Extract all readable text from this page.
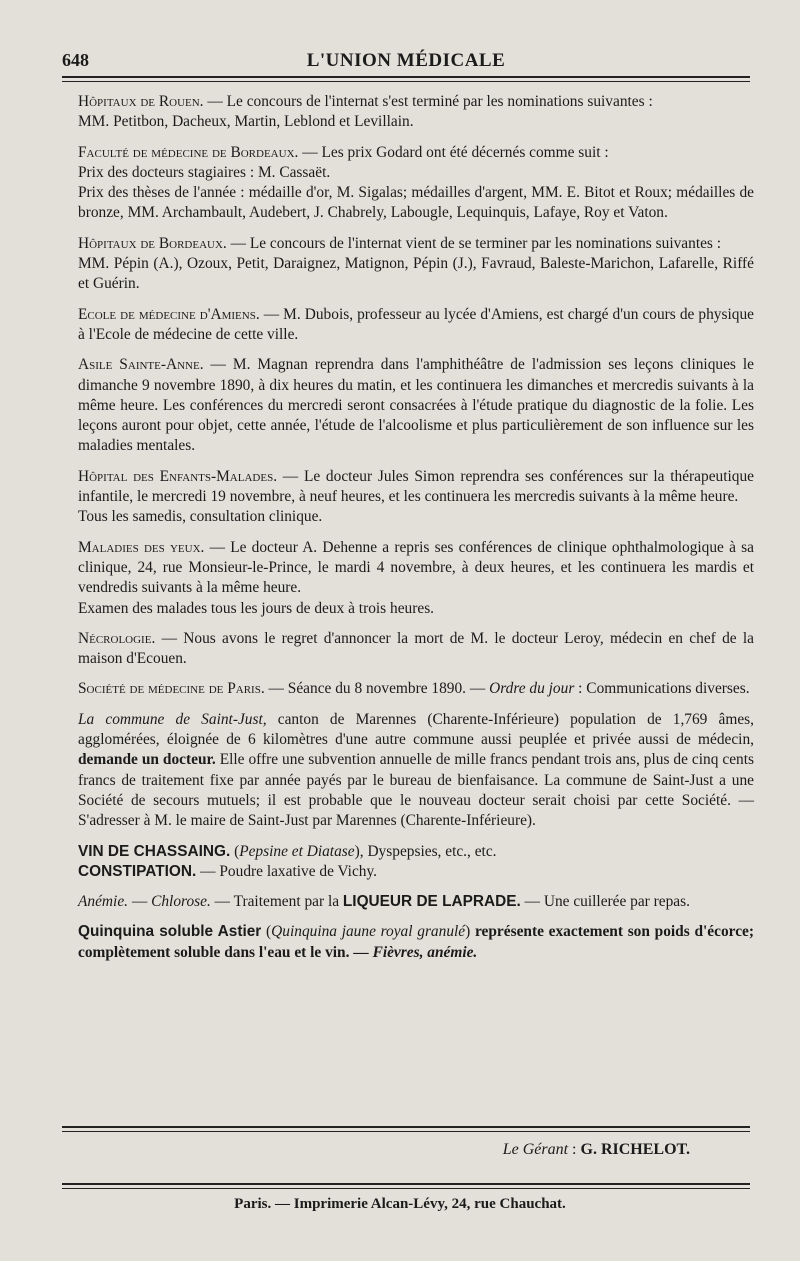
648	L'UNION MÉDICALE

Hôpitaux de Rouen. — Le concours de l'internat s'est terminé par les nominations suivantes :

MM. Petitbon, Dacheux, Martin, Leblond et Levillain.

Faculté de médecine de Bordeaux. — Les prix Godard ont été décernés comme suit :

Prix des docteurs stagiaires : M. Cassaët.

Prix des thèses de l'année : médaille d'or, M. Sigalas; médailles d'argent, MM. E. Bitot et Roux; médailles de bronze, MM. Archambault, Audebert, J. Chabrely, Labougle, Lequinquis, Lafaye, Roy et Vaton.

Hôpitaux de Bordeaux. — Le concours de l'internat vient de se terminer par les nominations suivantes :

MM. Pépin (A.), Ozoux, Petit, Daraignez, Matignon, Pépin (J.), Favraud, Baleste-Marichon, Lafarelle, Riffé et Guérin.

Ecole de médecine d'Amiens. — M. Dubois, professeur au lycée d'Amiens, est chargé d'un cours de physique à l'Ecole de médecine de cette ville.

Asile Sainte-Anne. — M. Magnan reprendra dans l'amphithéâtre de l'admission ses leçons cliniques le dimanche 9 novembre 1890, à dix heures du matin, et les continuera les dimanches et mercredis suivants à la même heure. Les conférences du mercredi seront consacrées à l'étude pratique du diagnostic de la folie. Les leçons auront pour objet, cette année, l'étude de l'alcoolisme et plus particulièrement de son influence sur les maladies mentales.

Hôpital des Enfants-Malades. — Le docteur Jules Simon reprendra ses conférences sur la thérapeutique infantile, le mercredi 19 novembre, à neuf heures, et les continuera les mercredis suivants à la même heure.

Tous les samedis, consultation clinique.

Maladies des yeux. — Le docteur A. Dehenne a repris ses conférences de clinique ophthalmologique à sa clinique, 24, rue Monsieur-le-Prince, le mardi 4 novembre, à deux heures, et les continuera les mardis et vendredis suivants à la même heure.

Examen des malades tous les jours de deux à trois heures.

Nécrologie. — Nous avons le regret d'annoncer la mort de M. le docteur Leroy, médecin en chef de la maison d'Ecouen.

Société de médecine de Paris. — Séance du 8 novembre 1890. — Ordre du jour : Communications diverses.

La commune de Saint-Just, canton de Marennes (Charente-Inférieure) population de 1,769 âmes, agglomérées, éloignée de 6 kilomètres d'une autre commune aussi peuplée et privée aussi de médecin, demande un docteur. Elle offre une subvention annuelle de mille francs pendant trois ans, plus de cinq cents francs de traitement fixe par année payés par le bureau de bienfaisance. La commune de Saint-Just a une Société de secours mutuels; il est probable que le nouveau docteur serait choisi par cette Société. — S'adresser à M. le maire de Saint-Just par Marennes (Charente-Inférieure).

VIN DE CHASSAING. (Pepsine et Diatase), Dyspepsies, etc., etc.

CONSTIPATION. — Poudre laxative de Vichy.

Anémie. — Chlorose. — Traitement par la LIQUEUR DE LAPRADE. — Une cuillerée par repas.

Quinquina soluble Astier (Quinquina jaune royal granulé) représente exactement son poids d'écorce; complètement soluble dans l'eau et le vin. — Fièvres, anémie.

Le Gérant : G. RICHELOT.
Paris. — Imprimerie Alcan-Lévy, 24, rue Chauchat.
